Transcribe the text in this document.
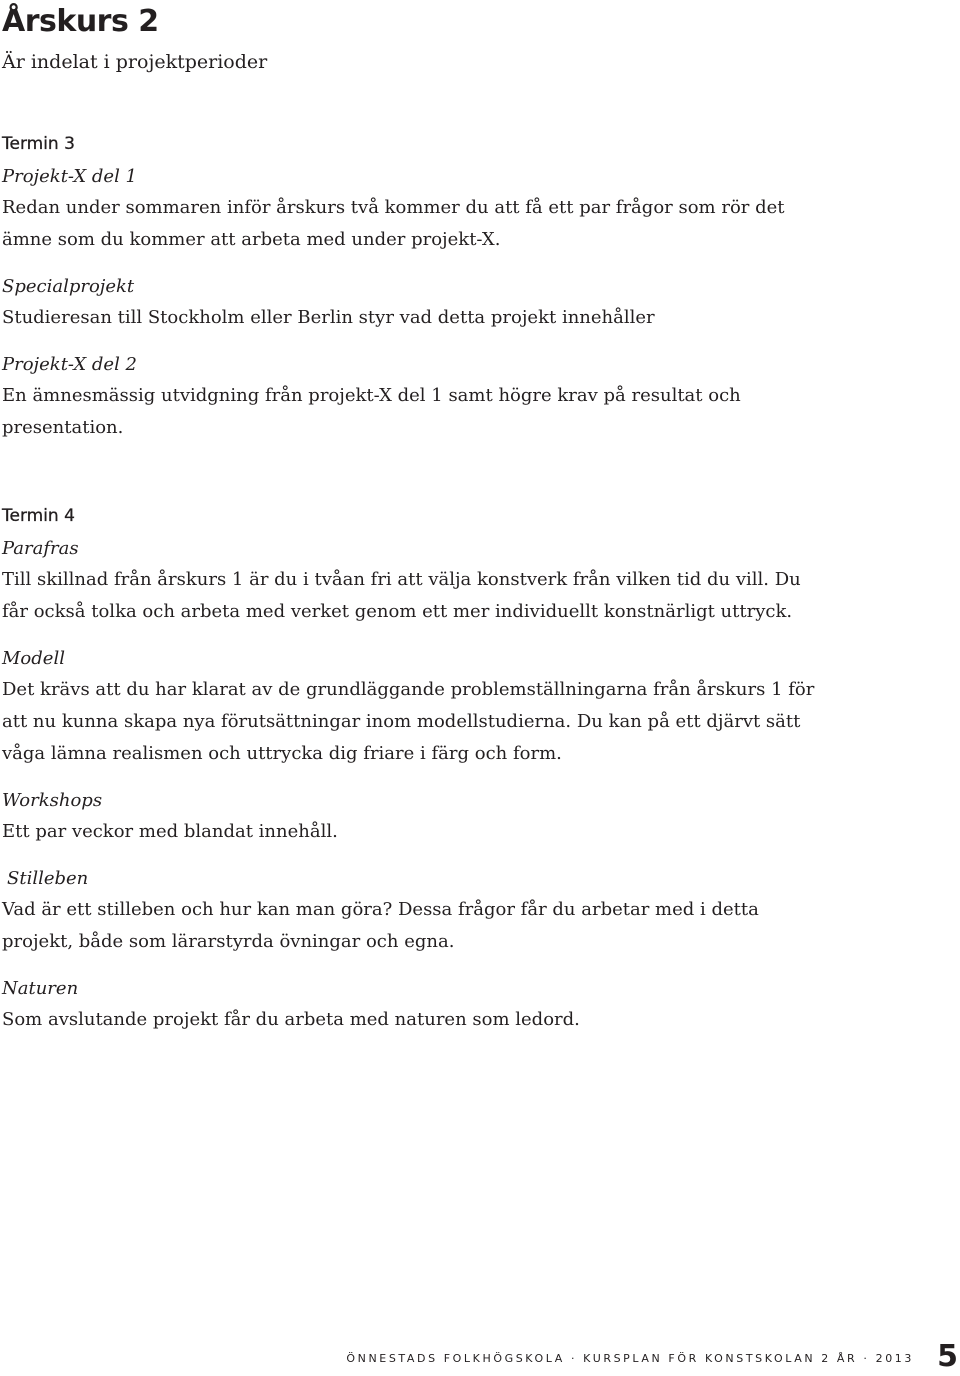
Årskurs 2

Är indelat i projektperioder

Termin 3
Projekt-X del 1

Redan under sommaren inför årskurs två kommer du att få ett par frågor som rör det

ämne som du kommer att arbeta med under projekt-X.

Specialprojekt

Studieresan till Stockholm eller Berlin styr vad detta projekt innehåller

Projekt-X del 2

En ämnesmässig utvidgning från projekt-X del 1 samt högre krav på resultat och

presentation.

Termin 4
Parafras

Till skillnad från årskurs 1 är du i tvåan fri att välja konstverk från vilken tid du vill. Du

får också tolka och arbeta med verket genom ett mer individuellt konstnärligt uttryck.

Modell

Det krävs att du har klarat av de grundläggande problemställningarna från årskurs 1 för

att nu kunna skapa nya förutsättningar inom modellstudierna. Du kan på ett djärvt sätt

våga lämna realismen och uttrycka dig friare i färg och form.

Workshops

Ett par veckor med blandat innehåll.

Stilleben

Vad är ett stilleben och hur kan man göra? Dessa frågor får du arbetar med i detta

projekt, både som lärarstyrda övningar och egna.

Naturen

Som avslutande projekt får du arbeta med naturen som ledord.

ÖNNESTADS FOLKHÖGSKOLA · KURSPLAN FÖR KONSTSKOLAN 2 ÅR · 2013 5
